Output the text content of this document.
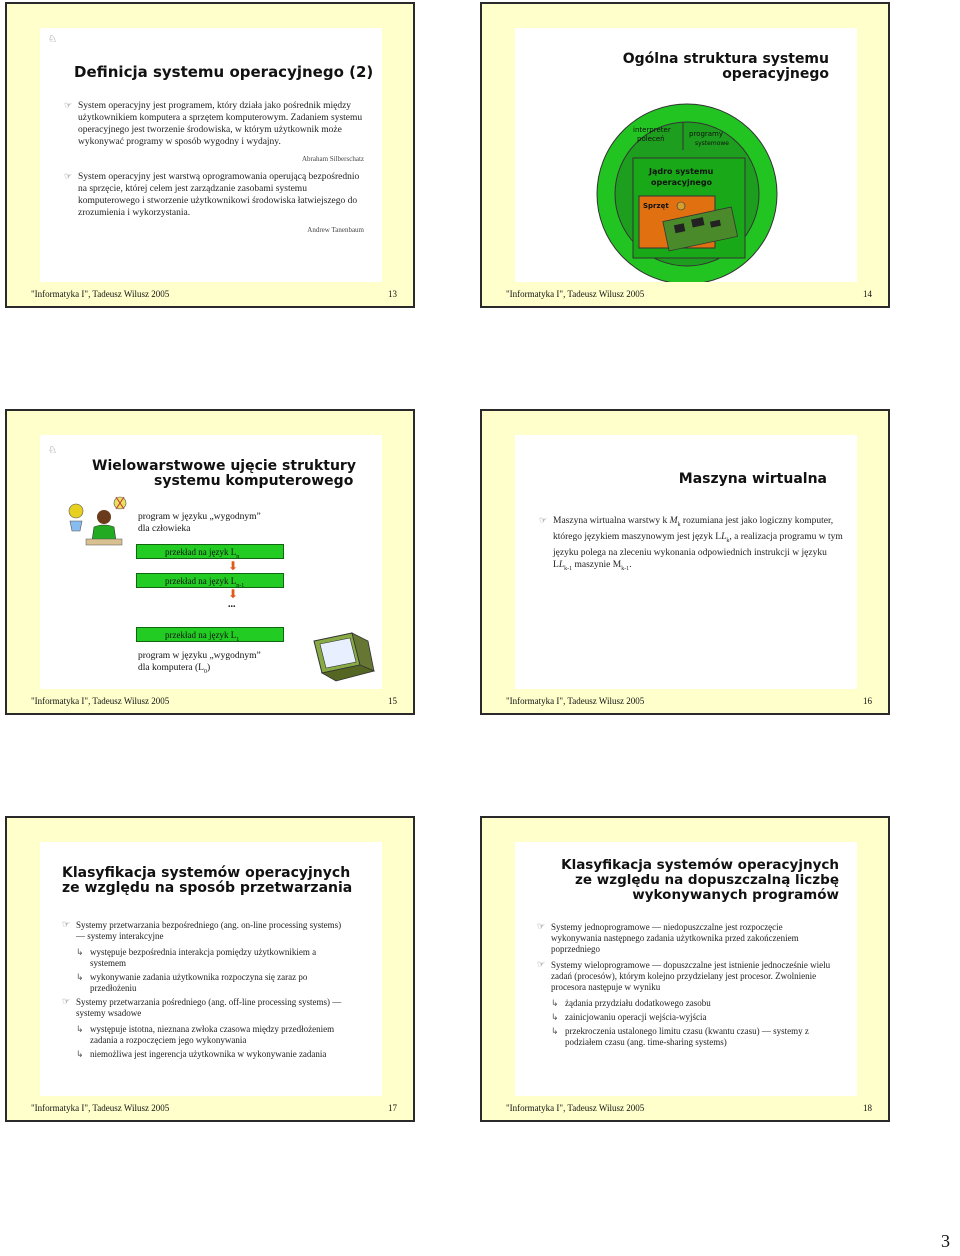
♘
Definicja systemu operacyjnego (2)
☞ System operacyjny jest programem, który działa jako pośrednik między użytkownikiem komputera a sprzętem komputerowym. Zadaniem systemu operacyjnego jest tworzenie środowiska, w którym użytkownik może wykonywać programy w sposób wygodny i wydajny.
Abraham Silberschatz
☞ System operacyjny jest warstwą oprogramowania operującą bezpośrednio na sprzęcie, której celem jest zarządzanie zasobami systemu komputerowego i stworzenie użytkownikowi środowiska łatwiejszego do zrozumienia i wykorzystania.
Andrew Tanenbaum
"Informatyka I", Tadeusz Wilusz 2005	13
Ogólna struktura systemu
operacyjnego
interpreter
poleceń
programy
systemowe
Jądro systemu
operacyjnego
Sprzęt
"Informatyka I", Tadeusz Wilusz 2005	14
♘
Wielowarstwowe ujęcie struktury
systemu komputerowego
program w języku „wygodnym”
dla człowieka
przekład na język $L_n$
⬇
przekład na język $L_{n-1}$
⬇
...
przekład na język $L_1$
program w języku „wygodnym”
dla komputera $(L_0)$
"Informatyka I", Tadeusz Wilusz 2005	15
Maszyna wirtualna
☞ Maszyna wirtualna warstwy k $M_k$ rozumiana jest jako logiczny komputer, którego językiem maszynowym jest język $LL_k$, a realizacja programu w tym języku polega na zleceniu wykonania odpowiednich instrukcji w języku $LL_{k-1}$ maszynie $M_{k-1}$.
"Informatyka I", Tadeusz Wilusz 2005	16
Klasyfikacja systemów operacyjnych
ze względu na sposób przetwarzania
☞ Systemy przetwarzania bezpośredniego (ang. on-line processing systems) — systemy interakcyjne
↳ występuje bezpośrednia interakcja pomiędzy użytkownikiem a systemem
↳ wykonywanie zadania użytkownika rozpoczyna się zaraz po przedłożeniu
☞ Systemy przetwarzania pośredniego (ang. off-line processing systems) — systemy wsadowe
↳ występuje istotna, nieznana zwłoka czasowa między przedłożeniem zadania a rozpoczęciem jego wykonywania
↳ niemożliwa jest ingerencja użytkownika w wykonywanie zadania
"Informatyka I", Tadeusz Wilusz 2005	17
Klasyfikacja systemów operacyjnych
ze względu na dopuszczalną liczbę
wykonywanych programów
☞ Systemy jednoprogramowe — niedopuszczalne jest rozpoczęcie wykonywania następnego zadania użytkownika przed zakończeniem poprzedniego
☞ Systemy wieloprogramowe — dopuszczalne jest istnienie jednocześnie wielu zadań (procesów), którym kolejno przydzielany jest procesor. Zwolnienie procesora następuje w wyniku
↳ żądania przydziału dodatkowego zasobu
↳ zainicjowaniu operacji wejścia-wyjścia
↳ przekroczenia ustalonego limitu czasu (kwantu czasu) — systemy z podziałem czasu (ang. time-sharing systems)
"Informatyka I", Tadeusz Wilusz 2005	18
3
